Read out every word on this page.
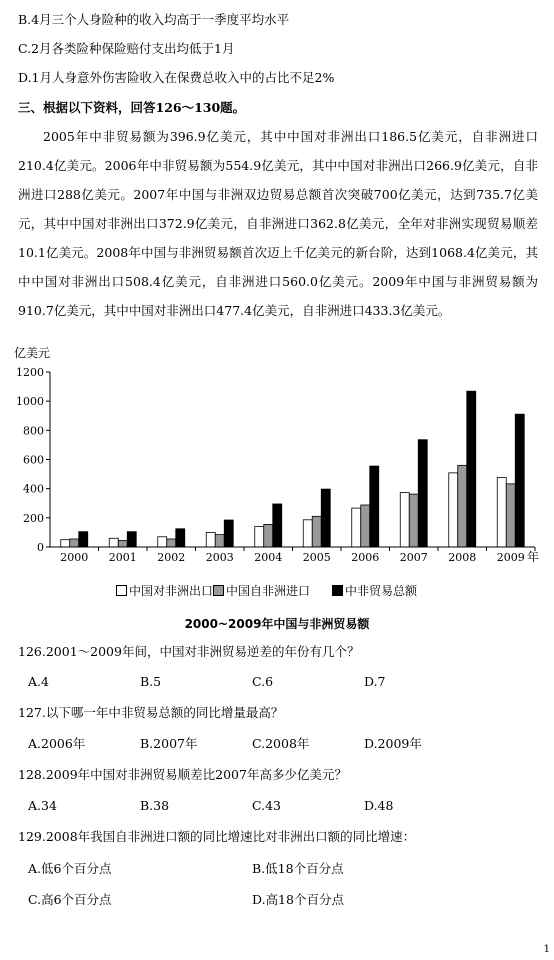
B.4月三个人身险种的收入均高于一季度平均水平
C.2月各类险种保险赔付支出均低于1月
D.1月人身意外伤害险收入在保费总收入中的占比不足2%
三、根据以下资料，回答126～130题。
2005年中非贸易额为396.9亿美元，其中中国对非洲出口186.5亿美元，自非洲进口210.4亿美元。2006年中非贸易额为554.9亿美元，其中中国对非洲出口266.9亿美元，自非洲进口288亿美元。2007年中国与非洲双边贸易总额首次突破700亿美元，达到735.7亿美元，其中中国对非洲出口372.9亿美元，自非洲进口362.8亿美元，全年对非洲实现贸易顺差10.1亿美元。2008年中国与非洲贸易额首次迈上千亿美元的新台阶，达到1068.4亿美元，其中中国对非洲出口508.4亿美元，自非洲进口560.0亿美元。2009年中国与非洲贸易额为910.7亿美元，其中中国对非洲出口477.4亿美元，自非洲进口433.3亿美元。
亿美元
0
200
400
600
800
1000
1200
2000 2001 2002 2003 2004 2005 2006 2007 2008 2009 年
中国对非洲出口	中国自非洲进口	中非贸易总额
2000~2009年中国与非洲贸易额
126.2001～2009年间，中国对非洲贸易逆差的年份有几个？
A.4	B.5	C.6	D.7
127.以下哪一年中非贸易总额的同比增量最高？
A.2006年	B.2007年	C.2008年	D.2009年
128.2009年中国对非洲贸易顺差比2007年高多少亿美元？
A.34	B.38	C.43	D.48
129.2008年我国自非洲进口额的同比增速比对非洲出口额的同比增速：
A.低6个百分点	B.低18个百分点
C.高6个百分点	D.高18个百分点
1
